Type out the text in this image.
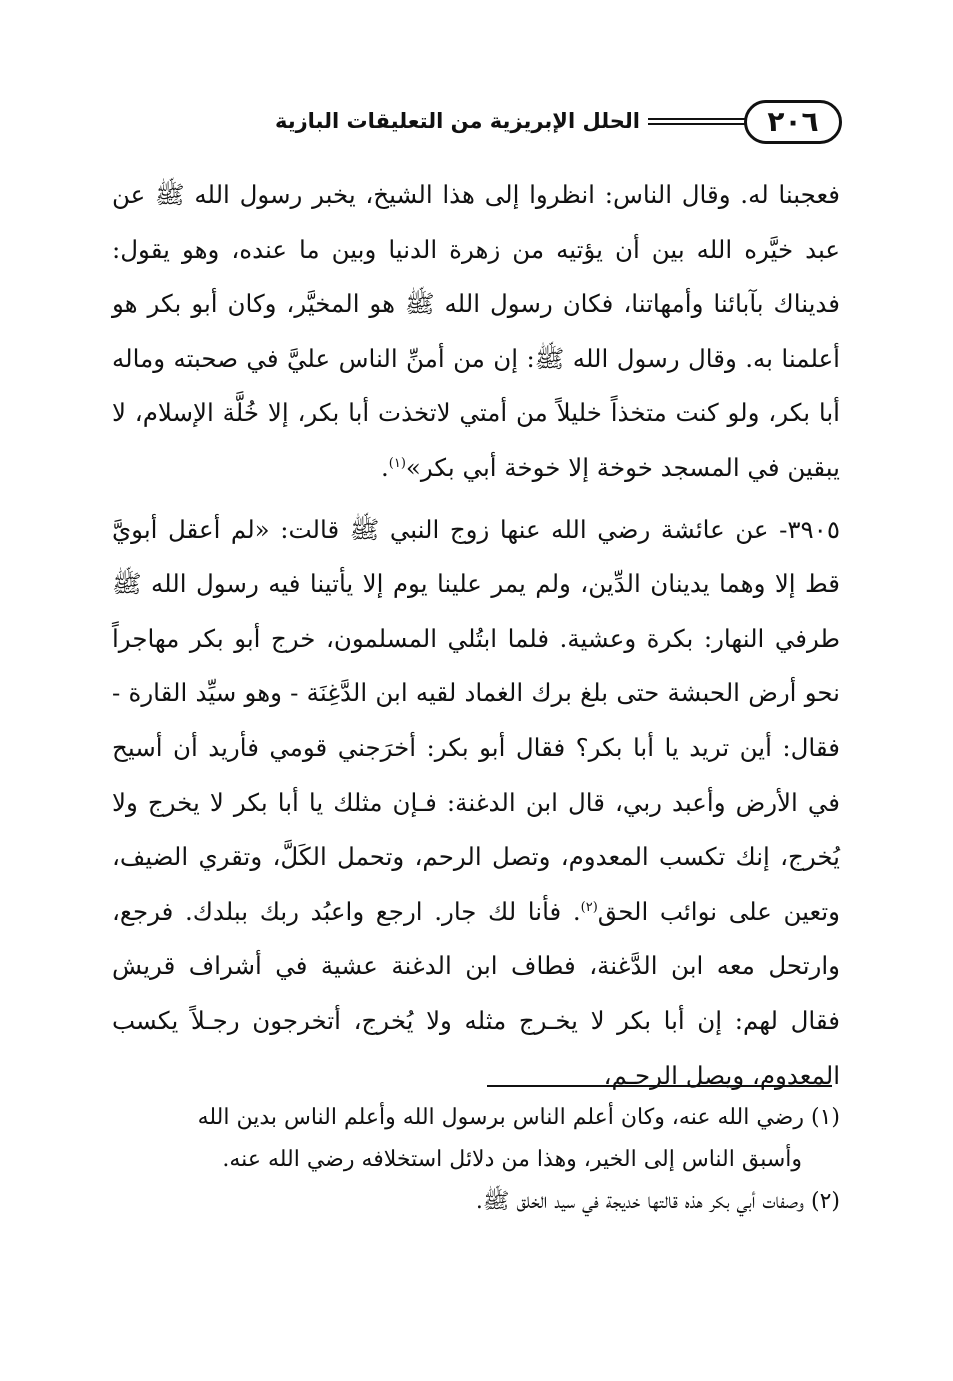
٢٠٦
الحلل الإبريزية من التعليقات البازية

فعجبنا له. وقال الناس: انظروا إلى هذا الشيخ، يخبر رسول الله ﷺ عن عبد خيَّره الله بين أن يؤتيه من زهرة الدنيا وبين ما عنده، وهو يقول: فديناك بآبائنا وأمهاتنا، فكان رسول الله ﷺ هو المخيَّر، وكان أبو بكر هو أعلمنا به. وقال رسول الله ﷺ: إن من أمنِّ الناس عليَّ في صحبته وماله أبا بكر، ولو كنت متخذاً خليلاً من أمتي لاتخذت أبا بكر، إلا خُلَّة الإسلام، لا يبقين في المسجد خوخة إلا خوخة أبي بكر»$^{(١)}$.

٣٩٠٥- عن عائشة رضي الله عنها زوج النبي ﷺ قالت: «لم أعقل أبويَّ قط إلا وهما يدينان الدِّين، ولم يمر علينا يوم إلا يأتينا فيه رسول الله ﷺ طرفي النهار: بكرة وعشية. فلما ابتُلي المسلمون، خرج أبو بكر مهاجراً نحو أرض الحبشة حتى بلغ برك الغماد لقيه ابن الدَّغِنَة - وهو سيِّد القارة - فقال: أين تريد يا أبا بكر؟ فقال أبو بكر: أخرَجني قومي فأريد أن أسيح في الأرض وأعبد ربي، قال ابن الدغنة: فـإن مثلك يا أبا بكر لا يخرج ولا يُخرج، إنك تكسب المعدوم، وتصل الرحم، وتحمل الكَلَّ، وتقري الضيف، وتعين على نوائب الحق$^{(٢)}$. فأنا لك جار. ارجع واعبُد ربك ببلدك. فرجع، وارتحل معه ابن الدَّغنة، فطاف ابن الدغنة عشية في أشراف قريش فقال لهم: إن أبا بكر لا يخـرج مثله ولا يُخرج، أتخرجون رجـلاً يكسب المعدوم، ويصل الرحـم،

(١) رضي الله عنه، وكان أعلم الناس برسول الله وأعلم الناس بدين الله

وأسبق الناس إلى الخير، وهذا من دلائل استخلافه رضي الله عنه.

(٢) وصفات أبي بكر هذه قالتها خديجة في سيد الخلق ﷺ.
